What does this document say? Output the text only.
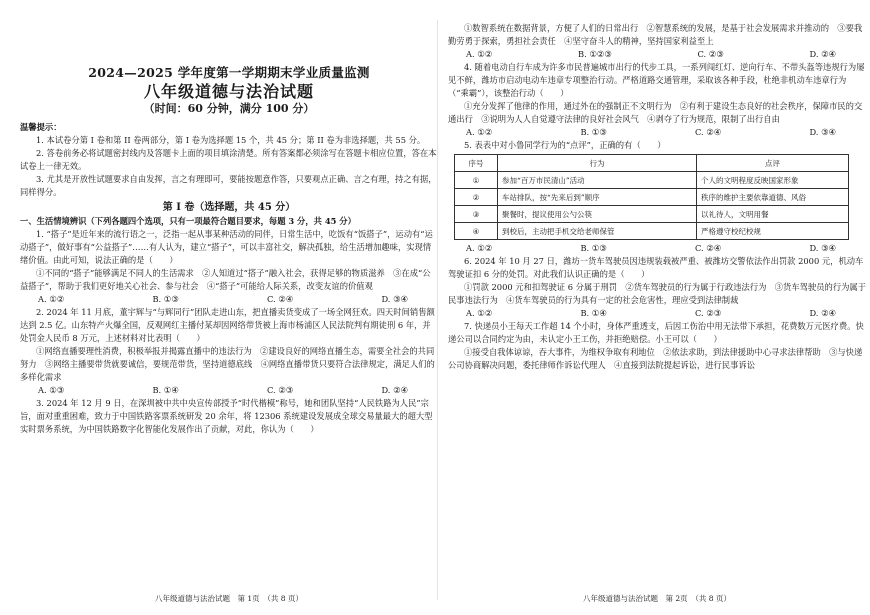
2024—2025 学年度第一学期期末学业质量监测
八年级道德与法治试题
（时间：60 分钟，满分 100 分）

温馨提示：

1. 本试卷分第 I 卷和第 II 卷两部分，第 I 卷为选择题 15 个，共 45 分；第 II 卷为非选择题，共 55 分。

2. 答卷前务必将试题密封线内及答题卡上面的项目填涂清楚。所有答案都必须涂写在答题卡相应位置，答在本试卷上一律无效。

3. 尤其是开放性试题要求自由发挥，言之有理即可，要能按题意作答，只要观点正确、言之有理，持之有据，同样得分。

第 I 卷（选择题，共 45 分）

一、生活情境辨识（下列各题四个选项，只有一项最符合题目要求，每题 3 分，共 45 分）

1. “搭子”是近年来的流行语之一，泛指一起从事某种活动的同伴，日常生活中，吃饭有“饭搭子”，运动有“运动搭子”，做好事有“公益搭子”……有人认为，建立“搭子”，可以丰富社交，解决孤独，给生活增加趣味，实现情绪价值。由此可知，说法正确的是（　　）

①不同的“搭子”能够满足不同人的生活需求　②人知道过“搭子”融入社会，获得足够的物质滋养　③在成“公益搭子”，帮助于我们更好地关心社会、参与社会　④“搭子”可能给人际关系，改变友谊的价值观

A. ①②	B. ①③	C. ②④	D. ③④

2. 2024 年 11 月底，董宇辉与“与辉同行”团队走进山东，把直播卖货变成了一场全网狂欢。四天时间销售额达到 2.5 亿。山东特产火爆全国，反观网红主播付某却因网络带货被上海市杨浦区人民法院判有期徒刑 6 年，并处罚金人民币 8 万元，上述材料对比表明（　　）

①网络直播要理性消费，积极举报并揭露直播中的违法行为　②建设良好的网络直播生态，需要全社会的共同努力　③网络主播要带货就要诚信，要规范带货，坚持道德底线　④网络直播带货只要符合法律规定，满足人们的多样化需求

A. ①③	B. ①④	C. ②③	D. ②④

3. 2024 年 12 月 9 日，在深圳被中共中央宣传部授予“时代楷模”称号，她和团队坚持“人民铁路为人民”宗旨，面对重重困难，致力于中国铁路客票系统研发 20 余年，将 12306 系统建设发展成全球交易量最大的超大型实时票务系统，为中国铁路数字化智能化发展作出了贡献，对此，你认为（　　）

八年级道德与法治试题　第 1页　（共 8 页）

①数智系统在数据背景，方便了人们的日常出行　②智慧系统的发展，是基于社会发展需求并推动的　③要我勤劳勇于探索，勇担社会责任　④坚守奋斗人的精神，坚持国家利益至上

A. ①②	B. ①②③	C. ②③	D. ②④

4. 随着电动自行车成为许多市民普遍城市出行的代步工具，一系列闯红灯、逆向行车、不带头盔等违规行为屡见不鲜，潍坊市启动电动车违章专项整治行动。严格道路交通管理，采取该各种手段，杜绝非机动车违章行为（“乘霸”），该整治行动（　　）

①充分发挥了他律的作用，通过外在的强制正不文明行为　②有利于建设生态良好的社会秩序，保障市民的交通出行　③说明为人人自觉遵守法律的良好社会风气　④剥夺了行为规范，限制了出行自由

A. ①②	B. ①③	C. ②④	D. ③④

5. 表表中对小鲁同学行为的“点评”，正确的有（　　）

序号	行为	点评
①	参加“百万市民清山”活动	个人的文明程度反映国家形象
②	车站排队，按“先来后到”顺序	秩序的维护主要依靠道德、风俗
③	聚餐时，提议使用公勺公筷	以礼待人，文明用餐
④	到校后，主动把手机交给老师保管	严格遵守校纪校规
A. ①②	B. ①③	C. ②④	D. ③④

6. 2024 年 10 月 27 日，潍坊一货车驾驶员因违规装载被严重、被潍坊交警依法作出罚款 2000 元，机动车驾驶证扣 6 分的处罚。对此我们认识正确的是（　　）

①罚款 2000 元和扣驾驶证 6 分属于刑罚　②货车驾驶员的行为属于行政违法行为　③货车驾驶员的行为属于民事违法行为　④货车驾驶员的行为具有一定的社会危害性，理应受到法律制裁

A. ①②	B. ①④	C. ②③	D. ②④

7. 快递员小王每天工作超 14 个小时，身体严重透支，后因工伤治中用无法带下承担，花费数万元医疗费。快递公司以合同约定为由，未认定小王工伤，并拒绝赔偿。小王可以（　　）

①接受自我体谅谅，吞大事件，为维权争取有利地位　②依法求助，到法律援助中心寻求法律帮助　③与快递公司协商解决问题，委托律师作诉讼代理人　④直接到法院提起诉讼，进行民事诉讼

八年级道德与法治试题　第 2页　（共 8 页）
